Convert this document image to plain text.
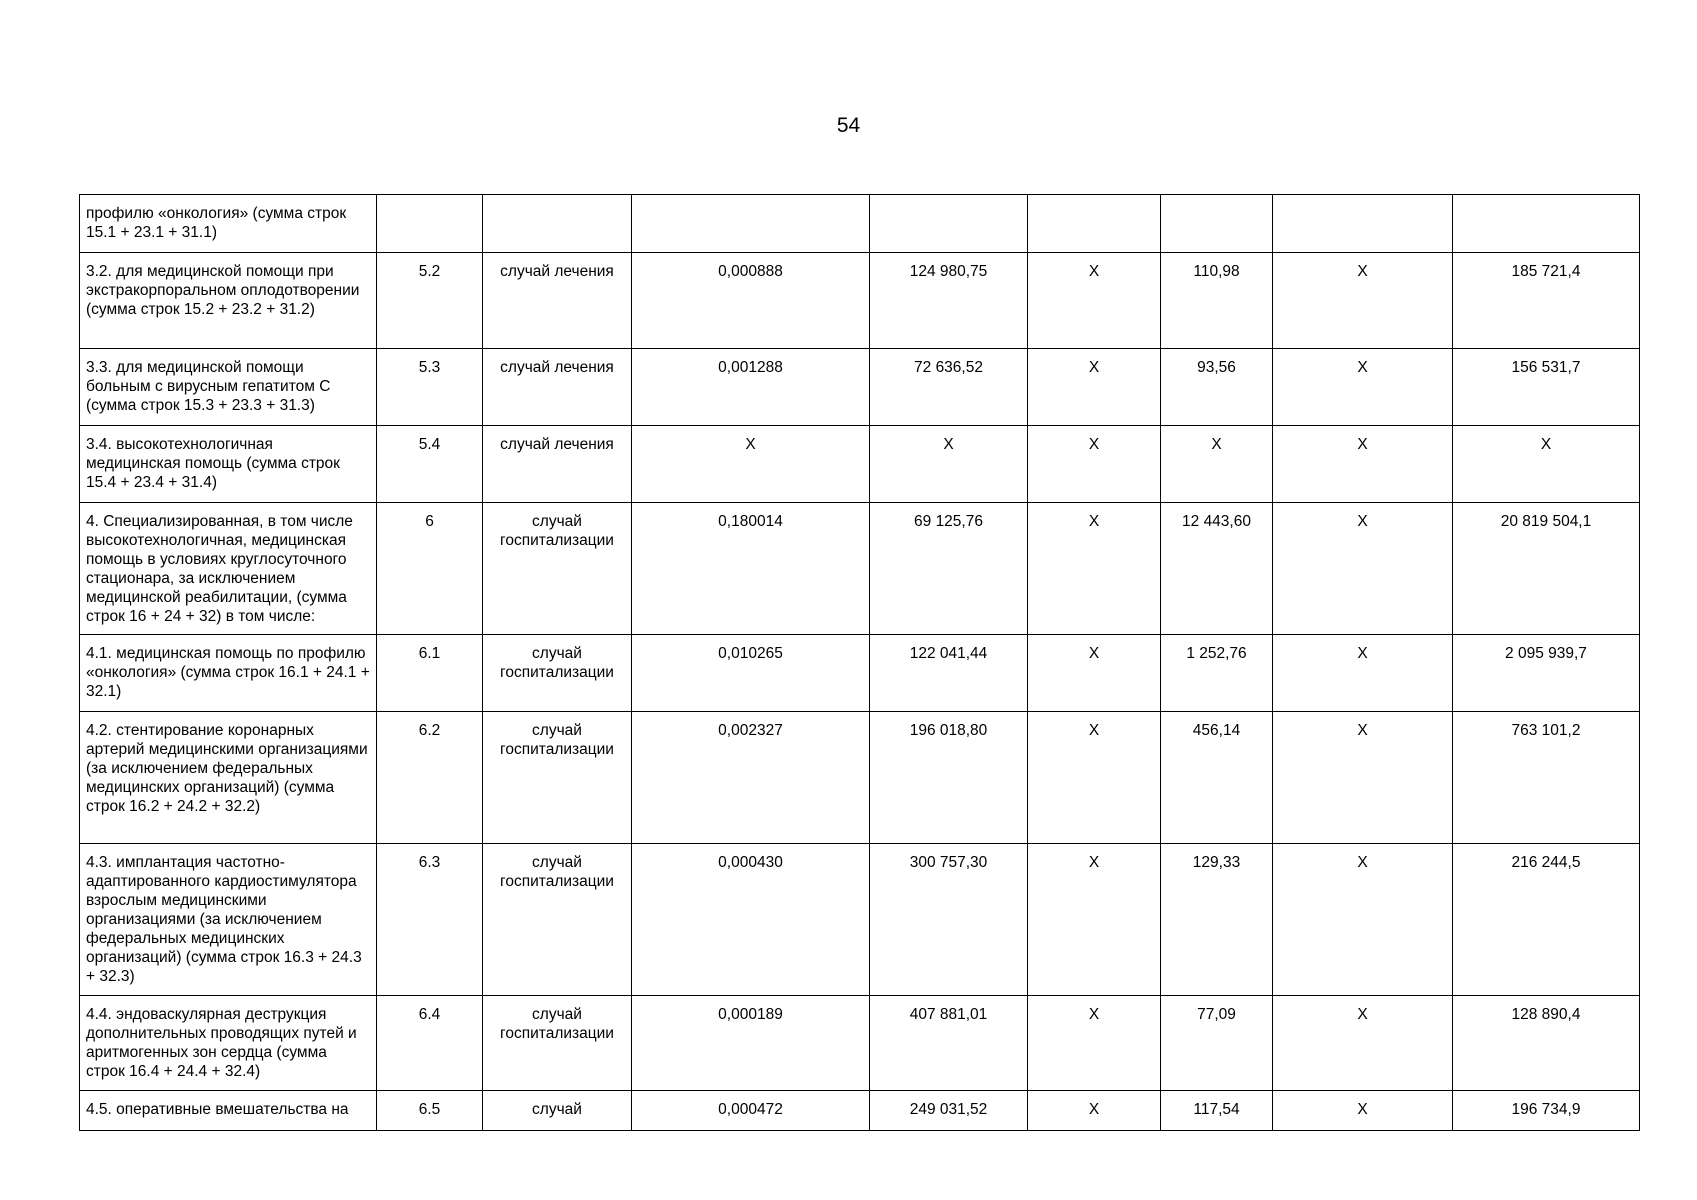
54
профилю «онкология» (сумма строк 15.1 + 23.1 + 31.1)								
3.2. для медицинской помощи при экстракорпоральном оплодотворении (сумма строк 15.2 + 23.2 + 31.2)	5.2	случай лечения	0,000888	124 980,75	Х	110,98	Х	185 721,4
3.3. для медицинской помощи больным с вирусным гепатитом С (сумма строк 15.3 + 23.3 + 31.3)	5.3	случай лечения	0,001288	72 636,52	Х	93,56	Х	156 531,7
3.4. высокотехнологичная медицинская помощь (сумма строк 15.4 + 23.4 + 31.4)	5.4	случай лечения	Х	Х	Х	Х	Х	Х
4. Специализированная, в том числе высокотехнологичная, медицинская помощь в условиях круглосуточного стационара, за исключением медицинской реабилитации, (сумма строк 16 + 24 + 32) в том числе:	6	случай госпитализации	0,180014	69 125,76	Х	12 443,60	Х	20 819 504,1
4.1. медицинская помощь по профилю «онкология» (сумма строк 16.1 + 24.1 + 32.1)	6.1	случай госпитализации	0,010265	122 041,44	Х	1 252,76	Х	2 095 939,7
4.2. стентирование коронарных артерий медицинскими организациями (за исключением федеральных медицинских организаций) (сумма строк 16.2 + 24.2 + 32.2)	6.2	случай госпитализации	0,002327	196 018,80	Х	456,14	Х	763 101,2
4.3. имплантация частотно-адаптированного кардиостимулятора взрослым медицинскими организациями (за исключением федеральных медицинских организаций) (сумма строк 16.3 + 24.3 + 32.3)	6.3	случай госпитализации	0,000430	300 757,30	Х	129,33	Х	216 244,5
4.4. эндоваскулярная деструкция дополнительных проводящих путей и аритмогенных зон сердца (сумма строк 16.4 + 24.4 + 32.4)	6.4	случай госпитализации	0,000189	407 881,01	Х	77,09	Х	128 890,4
4.5. оперативные вмешательства на	6.5	случай	0,000472	249 031,52	Х	117,54	Х	196 734,9
